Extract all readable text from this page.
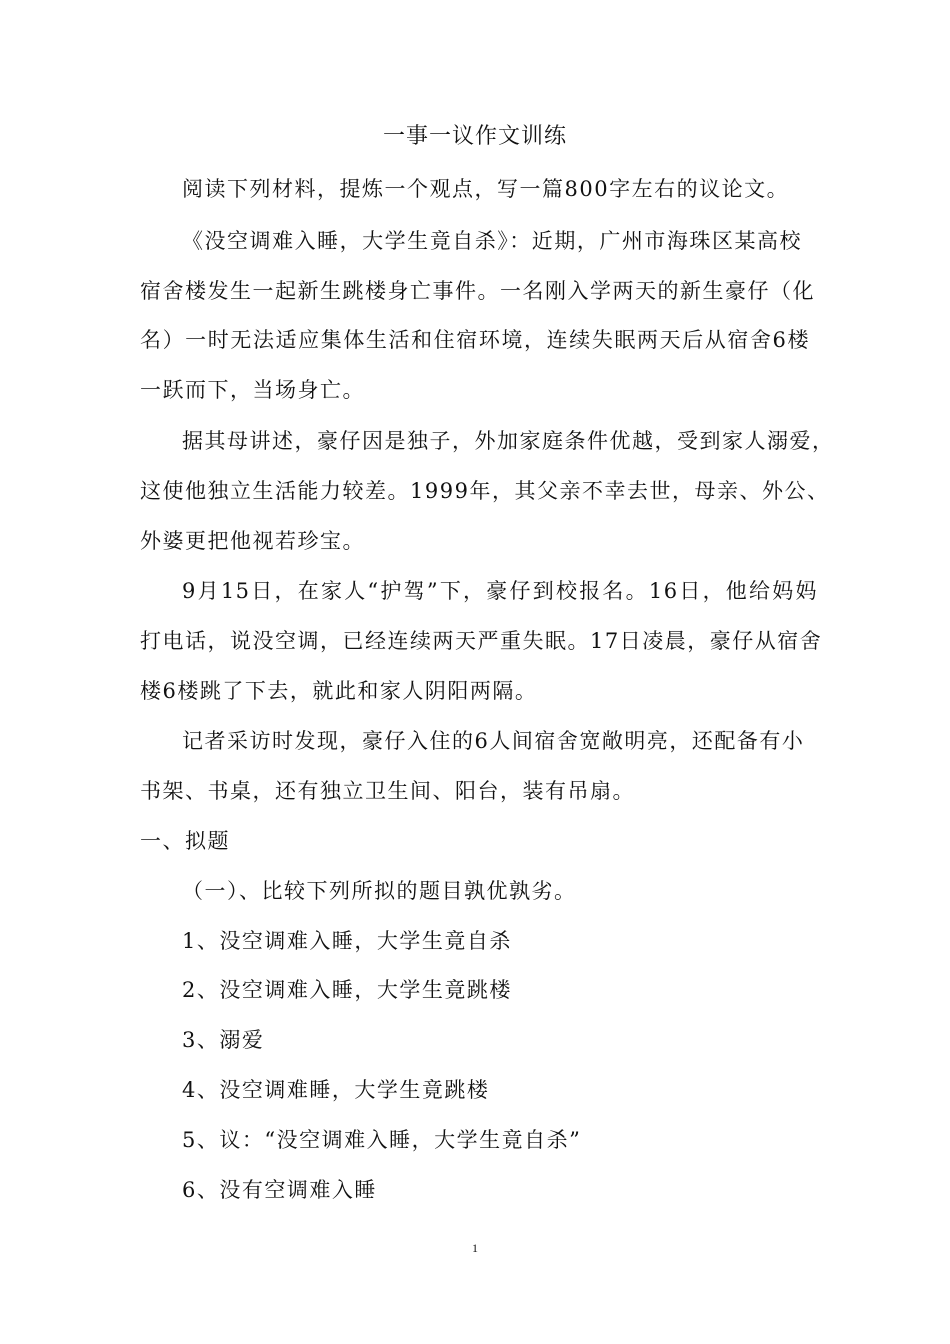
一事一议作文训练
阅读下列材料，提炼一个观点，写一篇800字左右的议论文。
《没空调难入睡，大学生竟自杀》：近期，广州市海珠区某高校
宿舍楼发生一起新生跳楼身亡事件。一名刚入学两天的新生豪仔（化
名）一时无法适应集体生活和住宿环境，连续失眠两天后从宿舍6楼
一跃而下，当场身亡。
据其母讲述，豪仔因是独子，外加家庭条件优越，受到家人溺爱，
这使他独立生活能力较差。1999年，其父亲不幸去世，母亲、外公、
外婆更把他视若珍宝。
9月15日，在家人“护驾”下，豪仔到校报名。16日，他给妈妈
打电话，说没空调，已经连续两天严重失眠。17日凌晨，豪仔从宿舍
楼6楼跳了下去，就此和家人阴阳两隔。
记者采访时发现，豪仔入住的6人间宿舍宽敞明亮，还配备有小
书架、书桌，还有独立卫生间、阳台，装有吊扇。
一、拟题
（一）、比较下列所拟的题目孰优孰劣。
1、没空调难入睡，大学生竟自杀
2、没空调难入睡，大学生竟跳楼
3、溺爱
4、没空调难睡，大学生竟跳楼
5、议：“没空调难入睡，大学生竟自杀”
6、没有空调难入睡
1
